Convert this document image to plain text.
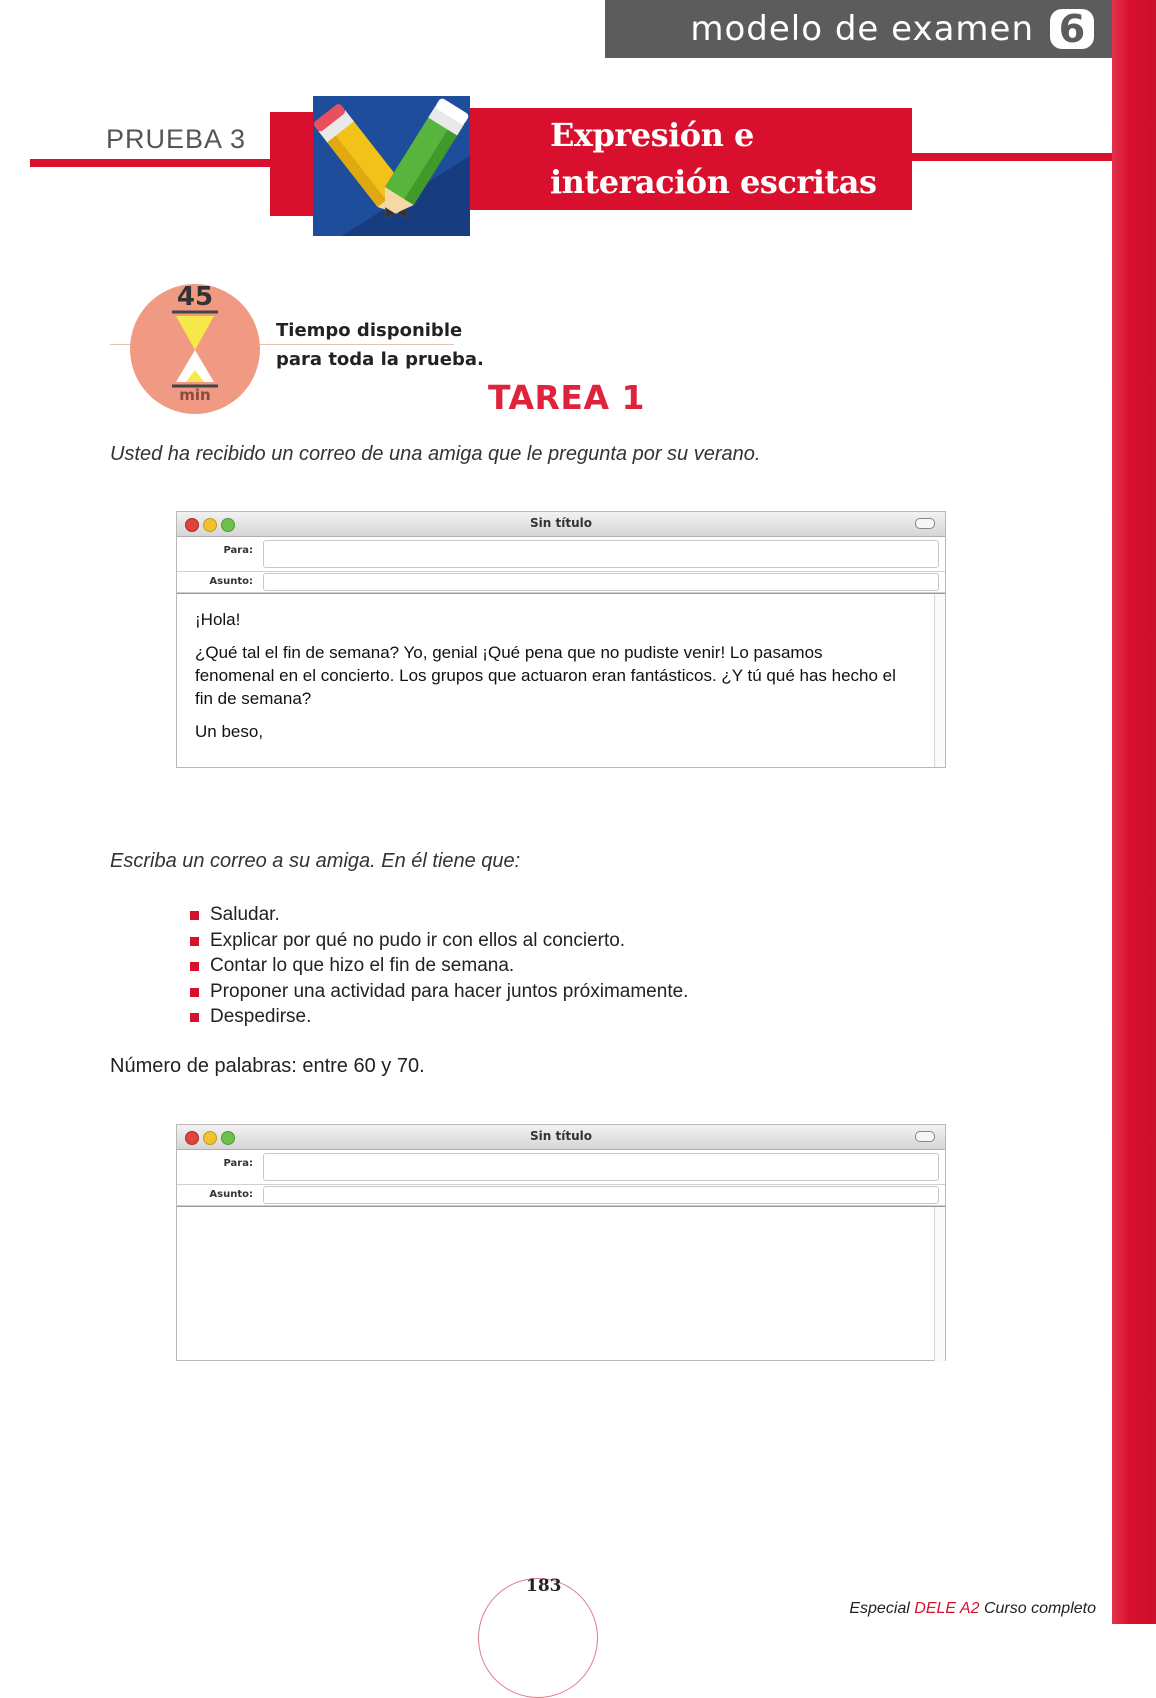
modelo de examen 6
PRUEBA 3	Expresión e
interación escritas
45
min
Tiempo disponible
para toda la prueba.
TAREA 1
Usted ha recibido un correo de una amiga que le pregunta por su verano.
Sin título
Para:
Asunto:

¡Hola!

¿Qué tal el fin de semana? Yo, genial ¡Qué pena que no pudiste venir! Lo pasamos fenomenal en el concierto. Los grupos que actuaron eran fantásticos. ¿Y tú qué has hecho el fin de semana?

Un beso,

Escriba un correo a su amiga. En él tiene que:
Saludar.
Explicar por qué no pudo ir con ellos al concierto.
Contar lo que hizo el fin de semana.
Proponer una actividad para hacer juntos próximamente.
Despedirse.
Número de palabras: entre 60 y 70.
Sin título
Para:
Asunto:
183
Especial DELE A2 Curso completo
